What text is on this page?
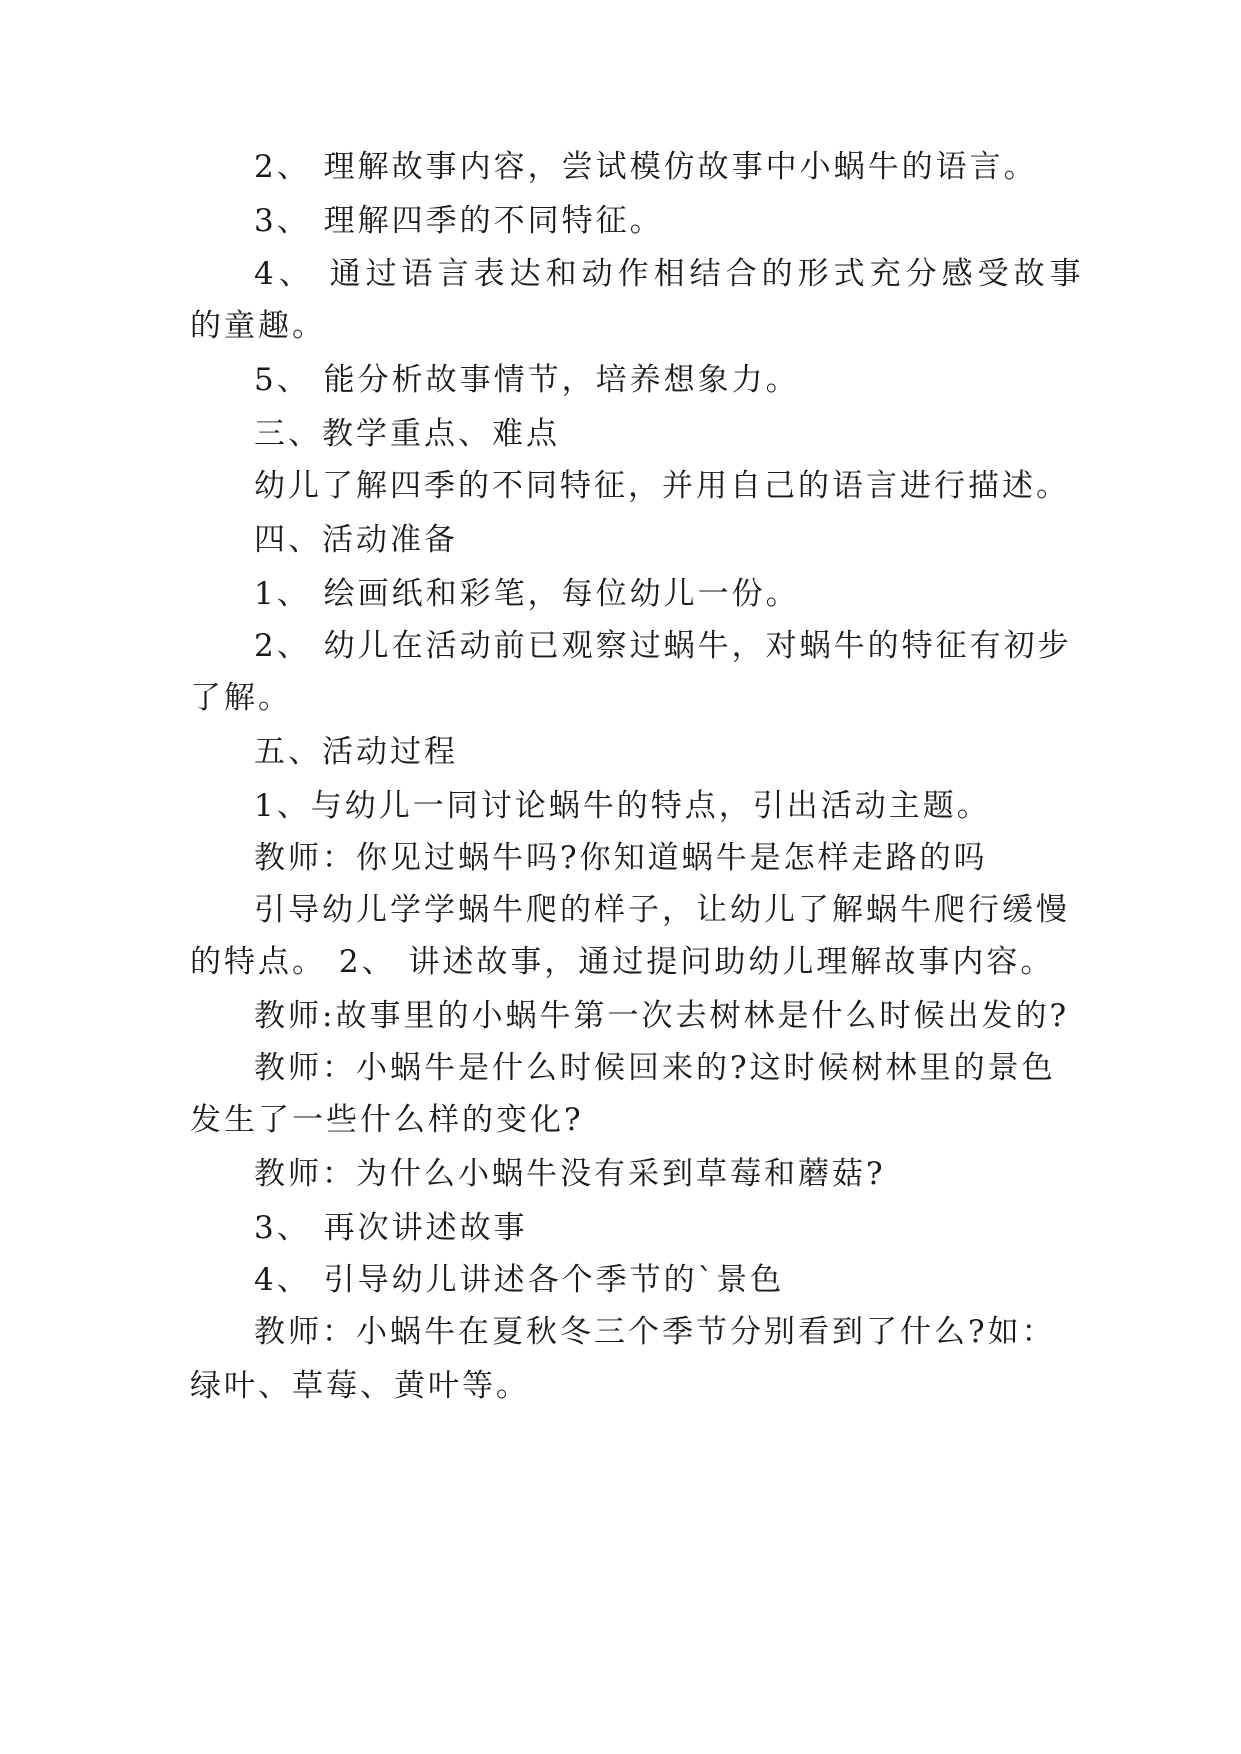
2、 理解故事内容，尝试模仿故事中小蜗牛的语言。
3、 理解四季的不同特征。
4、 通过语言表达和动作相结合的形式充分感受故事
的童趣。
5、 能分析故事情节，培养想象力。
三、教学重点、难点
幼儿了解四季的不同特征，并用自己的语言进行描述。
四、活动准备
1、 绘画纸和彩笔，每位幼儿一份。
2、 幼儿在活动前已观察过蜗牛，对蜗牛的特征有初步
了解。
五、活动过程
1、与幼儿一同讨论蜗牛的特点，引出活动主题。
教师：你见过蜗牛吗?你知道蜗牛是怎样走路的吗
引导幼儿学学蜗牛爬的样子，让幼儿了解蜗牛爬行缓慢
的特点。 2、 讲述故事，通过提问助幼儿理解故事内容。
教师:故事里的小蜗牛第一次去树林是什么时候出发的?
教师：小蜗牛是什么时候回来的?这时候树林里的景色
发生了一些什么样的变化?
教师：为什么小蜗牛没有采到草莓和蘑菇?
3、 再次讲述故事
4、 引导幼儿讲述各个季节的`景色
教师：小蜗牛在夏秋冬三个季节分别看到了什么?如：
绿叶、草莓、黄叶等。
